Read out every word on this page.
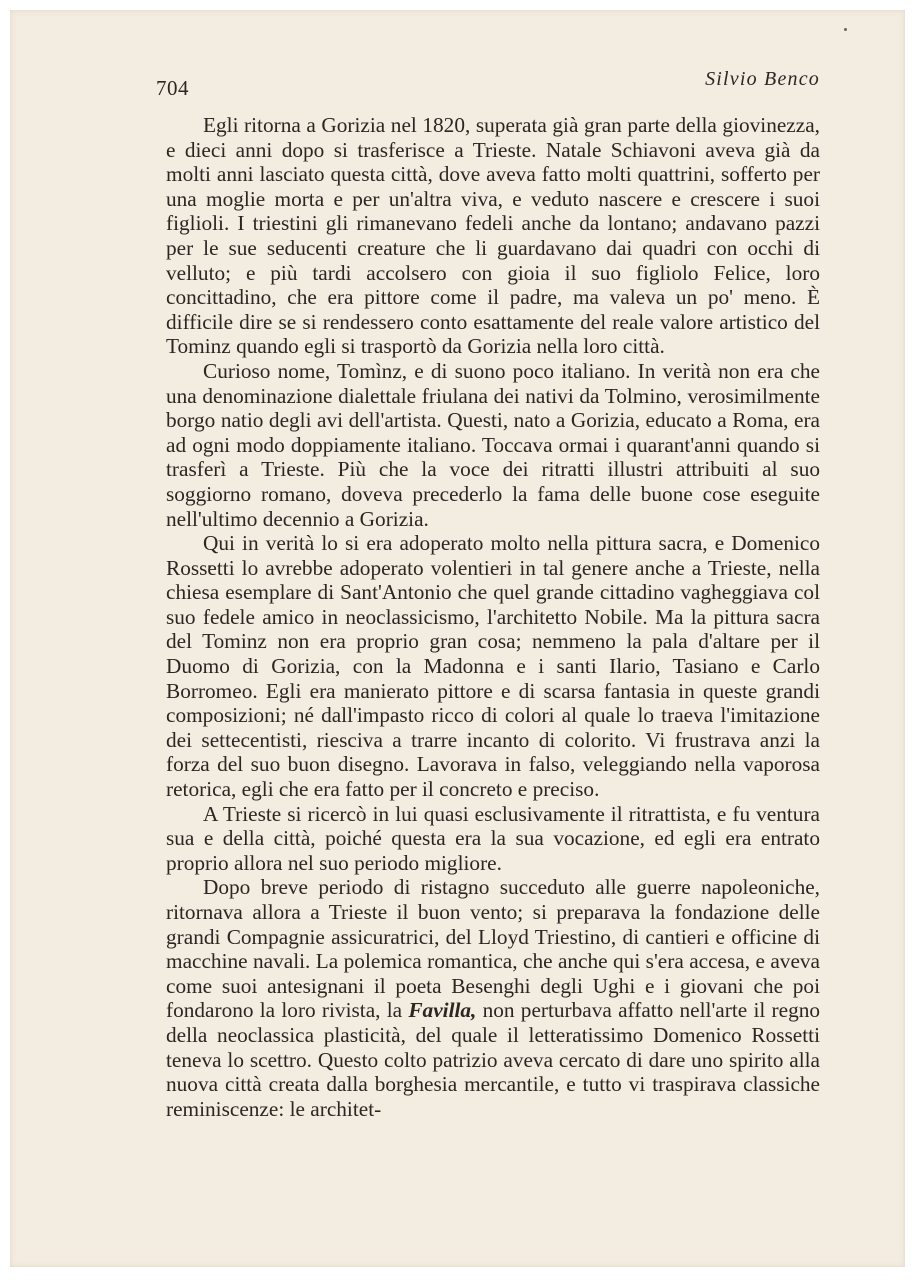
704	Silvio Benco

Egli ritorna a Gorizia nel 1820, superata già gran parte della giovinezza, e dieci anni dopo si trasferisce a Trieste. Natale Schiavoni aveva già da molti anni lasciato questa città, dove aveva fatto molti quattrini, sofferto per una moglie morta e per un'altra viva, e veduto nascere e crescere i suoi figlioli. I triestini gli rimanevano fedeli anche da lontano; andavano pazzi per le sue seducenti creature che li guardavano dai quadri con occhi di velluto; e più tardi accolsero con gioia il suo figliolo Felice, loro concittadino, che era pittore come il padre, ma valeva un po' meno. È difficile dire se si rendessero conto esattamente del reale valore artistico del Tominz quando egli si trasportò da Gorizia nella loro città.

Curioso nome, Tomìnz, e di suono poco italiano. In verità non era che una denominazione dialettale friulana dei nativi da Tolmino, verosimilmente borgo natio degli avi dell'artista. Questi, nato a Gorizia, educato a Roma, era ad ogni modo doppiamente italiano. Toccava ormai i quarant'anni quando si trasferì a Trieste. Più che la voce dei ritratti illustri attribuiti al suo soggiorno romano, doveva precederlo la fama delle buone cose eseguite nell'ultimo decennio a Gorizia.

Qui in verità lo si era adoperato molto nella pittura sacra, e Domenico Rossetti lo avrebbe adoperato volentieri in tal genere anche a Trieste, nella chiesa esemplare di Sant'Antonio che quel grande cittadino vagheggiava col suo fedele amico in neoclassicismo, l'architetto Nobile. Ma la pittura sacra del Tominz non era proprio gran cosa; nemmeno la pala d'altare per il Duomo di Gorizia, con la Madonna e i santi Ilario, Tasiano e Carlo Borromeo. Egli era manierato pittore e di scarsa fantasia in queste grandi composizioni; né dall'impasto ricco di colori al quale lo traeva l'imitazione dei settecentisti, riesciva a trarre incanto di colorito. Vi frustrava anzi la forza del suo buon disegno. Lavorava in falso, veleggiando nella vaporosa retorica, egli che era fatto per il concreto e preciso.

A Trieste si ricercò in lui quasi esclusivamente il ritrattista, e fu ventura sua e della città, poiché questa era la sua vocazione, ed egli era entrato proprio allora nel suo periodo migliore.

Dopo breve periodo di ristagno succeduto alle guerre napoleoniche, ritornava allora a Trieste il buon vento; si preparava la fondazione delle grandi Compagnie assicuratrici, del Lloyd Triestino, di cantieri e officine di macchine navali. La polemica romantica, che anche qui s'era accesa, e aveva come suoi antesignani il poeta Besenghi degli Ughi e i giovani che poi fondarono la loro rivista, la Favilla, non perturbava affatto nell'arte il regno della neoclassica plasticità, del quale il letteratissimo Domenico Rossetti teneva lo scettro. Questo colto patrizio aveva cercato di dare uno spirito alla nuova città creata dalla borghesia mercantile, e tutto vi traspirava classiche reminiscenze: le architet-
